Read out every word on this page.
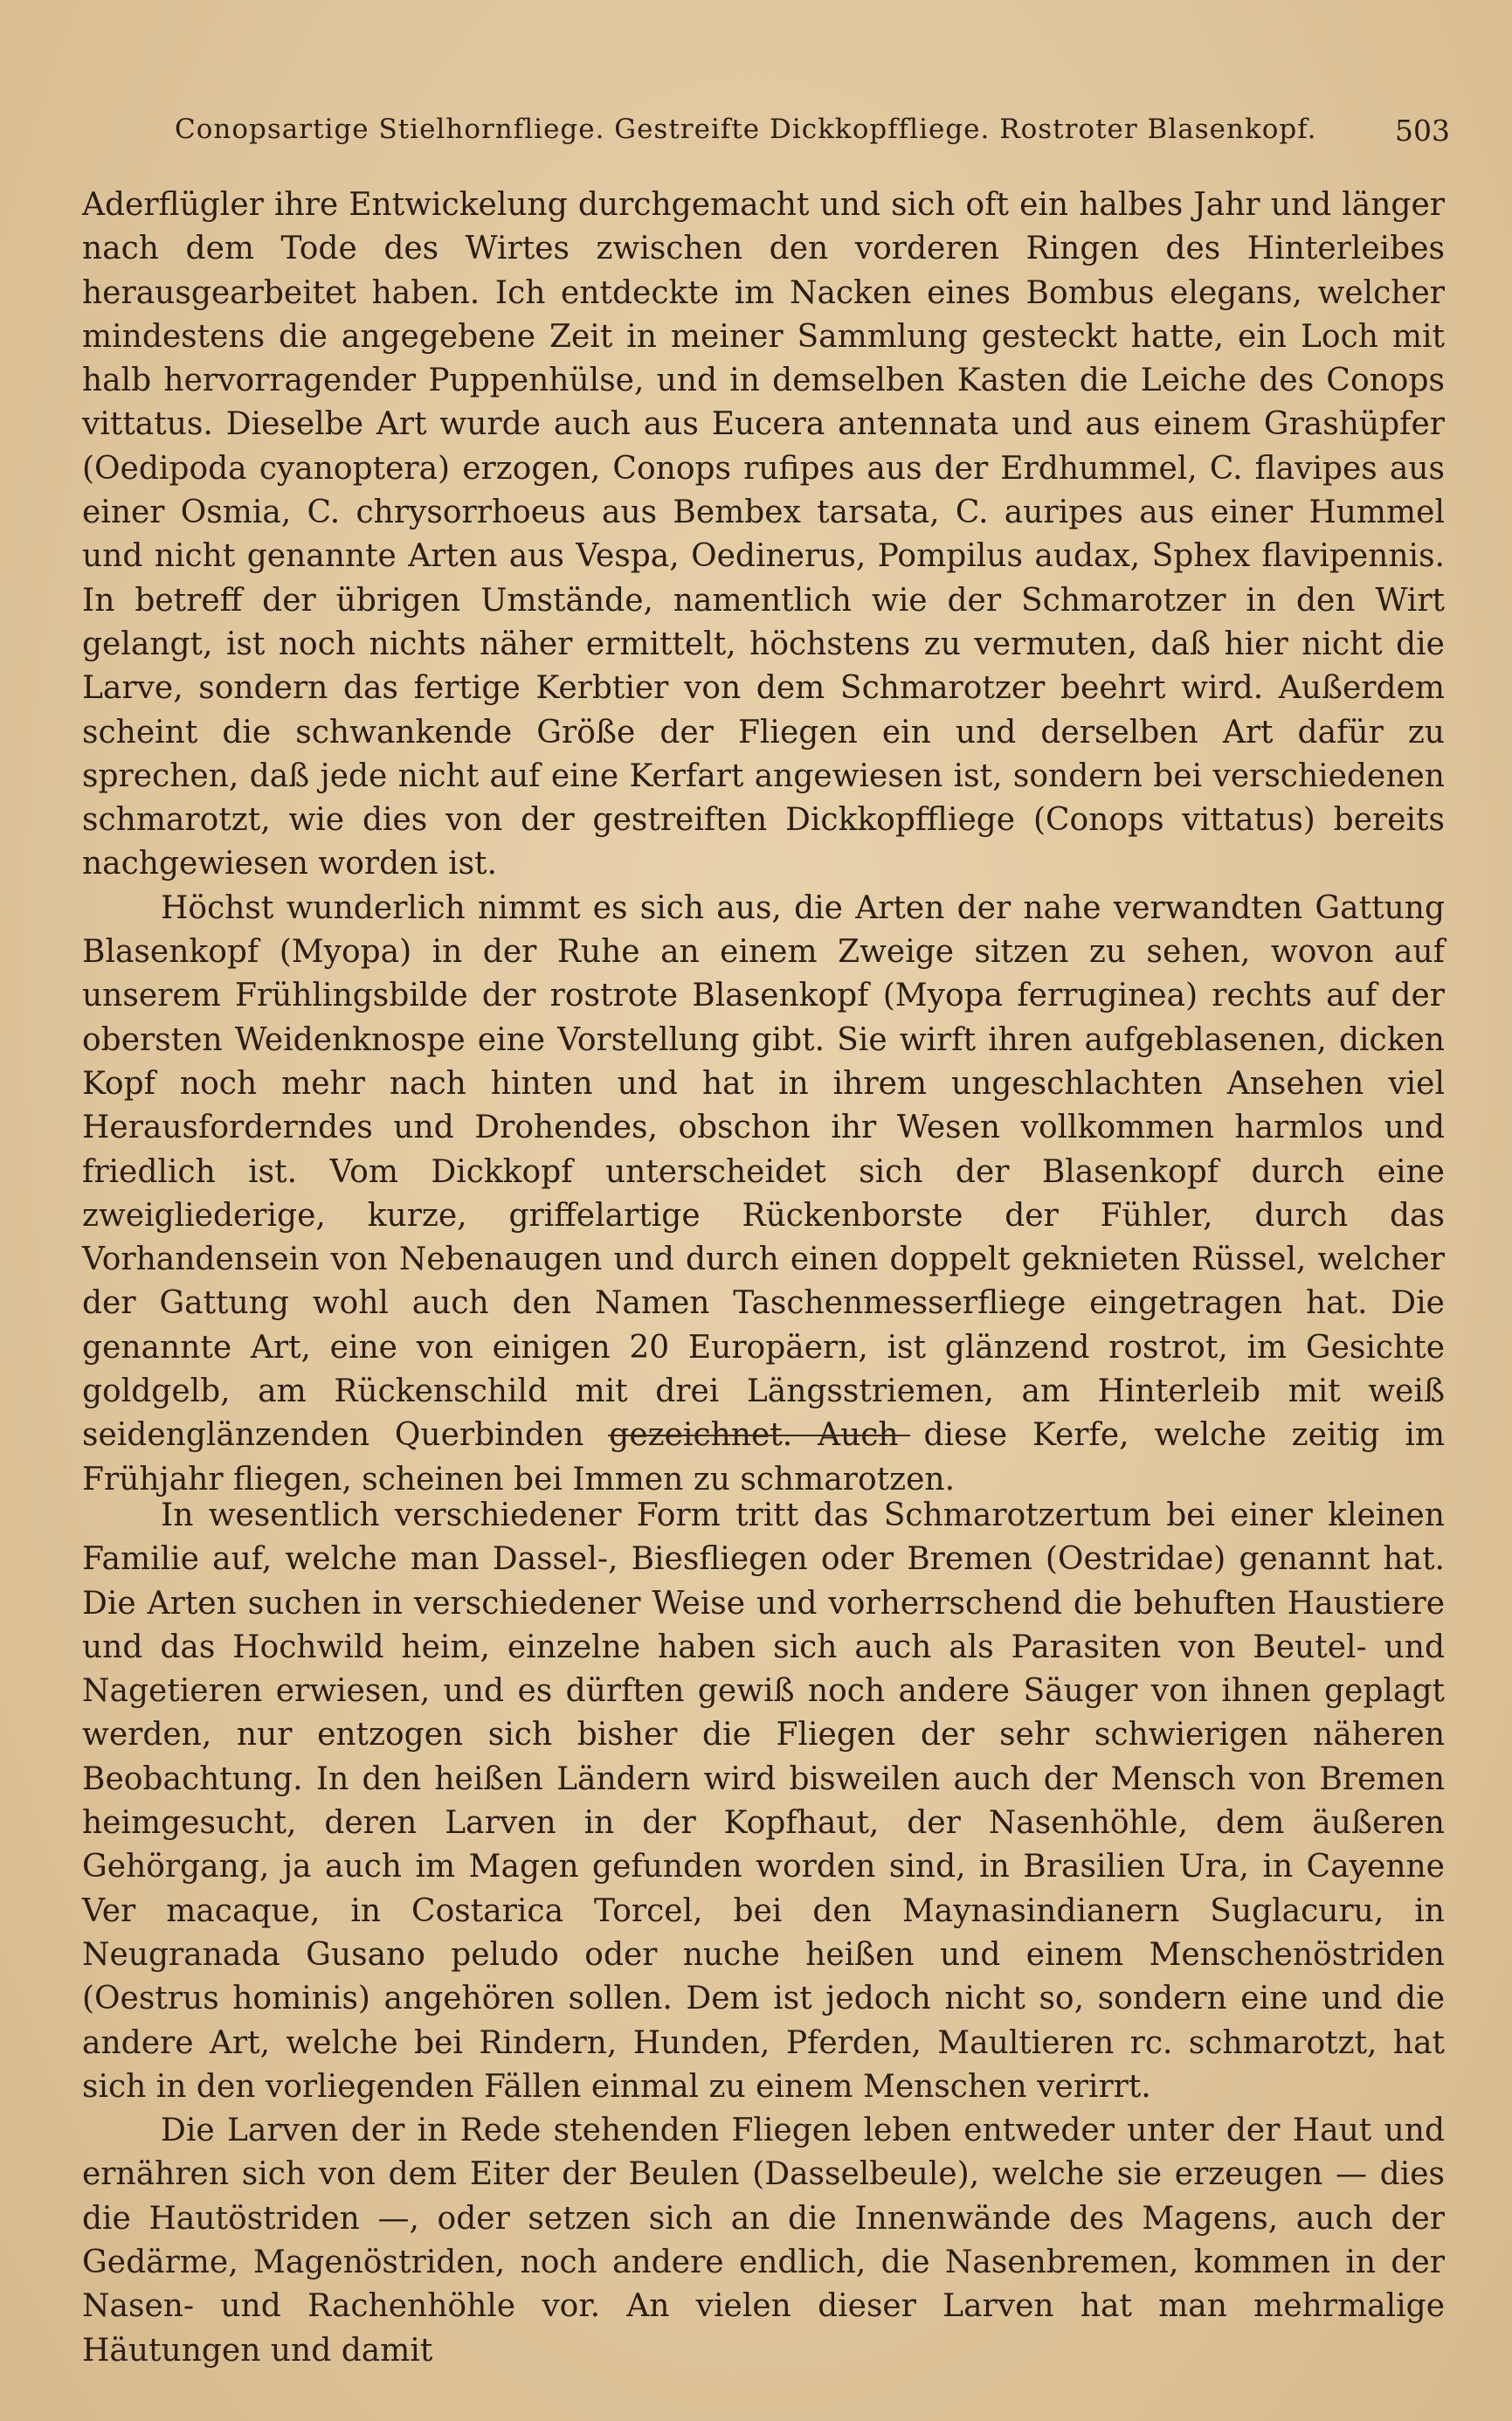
Conopsartige Stielhornfliege. Gestreifte Dickkopffliege. Rostroter Blasenkopf.	503

Aderflügler ihre Entwickelung durchgemacht und sich oft ein halbes Jahr und länger nach dem Tode des Wirtes zwischen den vorderen Ringen des Hinterleibes herausgearbeitet haben. Ich entdeckte im Nacken eines Bombus elegans, welcher mindestens die angegebene Zeit in meiner Sammlung gesteckt hatte, ein Loch mit halb hervorragender Puppenhülse, und in demselben Kasten die Leiche des Conops vittatus. Dieselbe Art wurde auch aus Eucera antennata und aus einem Grashüpfer (Oedipoda cyanoptera) erzogen, Conops rufipes aus der Erdhummel, C. flavipes aus einer Osmia, C. chrysorrhoeus aus Bembex tarsata, C. auripes aus einer Hummel und nicht genannte Arten aus Vespa, Oedinerus, Pompilus audax, Sphex flavipennis. In betreff der übrigen Umstände, namentlich wie der Schmarotzer in den Wirt gelangt, ist noch nichts näher ermittelt, höchstens zu vermuten, daß hier nicht die Larve, sondern das fertige Kerbtier von dem Schmarotzer beehrt wird. Außerdem scheint die schwankende Größe der Fliegen ein und derselben Art dafür zu sprechen, daß jede nicht auf eine Kerfart angewiesen ist, sondern bei verschiedenen schmarotzt, wie dies von der gestreiften Dickkopffliege (Conops vittatus) bereits nachgewiesen worden ist.

Höchst wunderlich nimmt es sich aus, die Arten der nahe verwandten Gattung Blasenkopf (Myopa) in der Ruhe an einem Zweige sitzen zu sehen, wovon auf unserem Frühlingsbilde der rostrote Blasenkopf (Myopa ferruginea) rechts auf der obersten Weidenknospe eine Vorstellung gibt. Sie wirft ihren aufgeblasenen, dicken Kopf noch mehr nach hinten und hat in ihrem ungeschlachten Ansehen viel Herausforderndes und Drohendes, obschon ihr Wesen vollkommen harmlos und friedlich ist. Vom Dickkopf unterscheidet sich der Blasenkopf durch eine zweigliederige, kurze, griffelartige Rückenborste der Fühler, durch das Vorhandensein von Nebenaugen und durch einen doppelt geknieten Rüssel, welcher der Gattung wohl auch den Namen Taschenmesserfliege eingetragen hat. Die genannte Art, eine von einigen 20 Europäern, ist glänzend rostrot, im Gesichte goldgelb, am Rückenschild mit drei Längsstriemen, am Hinterleib mit weiß seidenglänzenden Querbinden gezeichnet. Auch diese Kerfe, welche zeitig im Frühjahr fliegen, scheinen bei Immen zu schmarotzen.

In wesentlich verschiedener Form tritt das Schmarotzertum bei einer kleinen Familie auf, welche man Dassel-, Biesfliegen oder Bremen (Oestridae) genannt hat. Die Arten suchen in verschiedener Weise und vorherrschend die behuften Haustiere und das Hochwild heim, einzelne haben sich auch als Parasiten von Beutel- und Nagetieren erwiesen, und es dürften gewiß noch andere Säuger von ihnen geplagt werden, nur entzogen sich bisher die Fliegen der sehr schwierigen näheren Beobachtung. In den heißen Ländern wird bisweilen auch der Mensch von Bremen heimgesucht, deren Larven in der Kopfhaut, der Nasenhöhle, dem äußeren Gehörgang, ja auch im Magen gefunden worden sind, in Brasilien Ura, in Cayenne Ver macaque, in Costarica Torcel, bei den Maynasindianern Suglacuru, in Neugranada Gusano peludo oder nuche heißen und einem Menschenöstriden (Oestrus hominis) angehören sollen. Dem ist jedoch nicht so, sondern eine und die andere Art, welche bei Rindern, Hunden, Pferden, Maultieren rc. schmarotzt, hat sich in den vorliegenden Fällen einmal zu einem Menschen verirrt.

Die Larven der in Rede stehenden Fliegen leben entweder unter der Haut und ernähren sich von dem Eiter der Beulen (Dasselbeule), welche sie erzeugen — dies die Hautöstriden —, oder setzen sich an die Innenwände des Magens, auch der Gedärme, Magenöstriden, noch andere endlich, die Nasenbremen, kommen in der Nasen- und Rachenhöhle vor. An vielen dieser Larven hat man mehrmalige Häutungen und damit
